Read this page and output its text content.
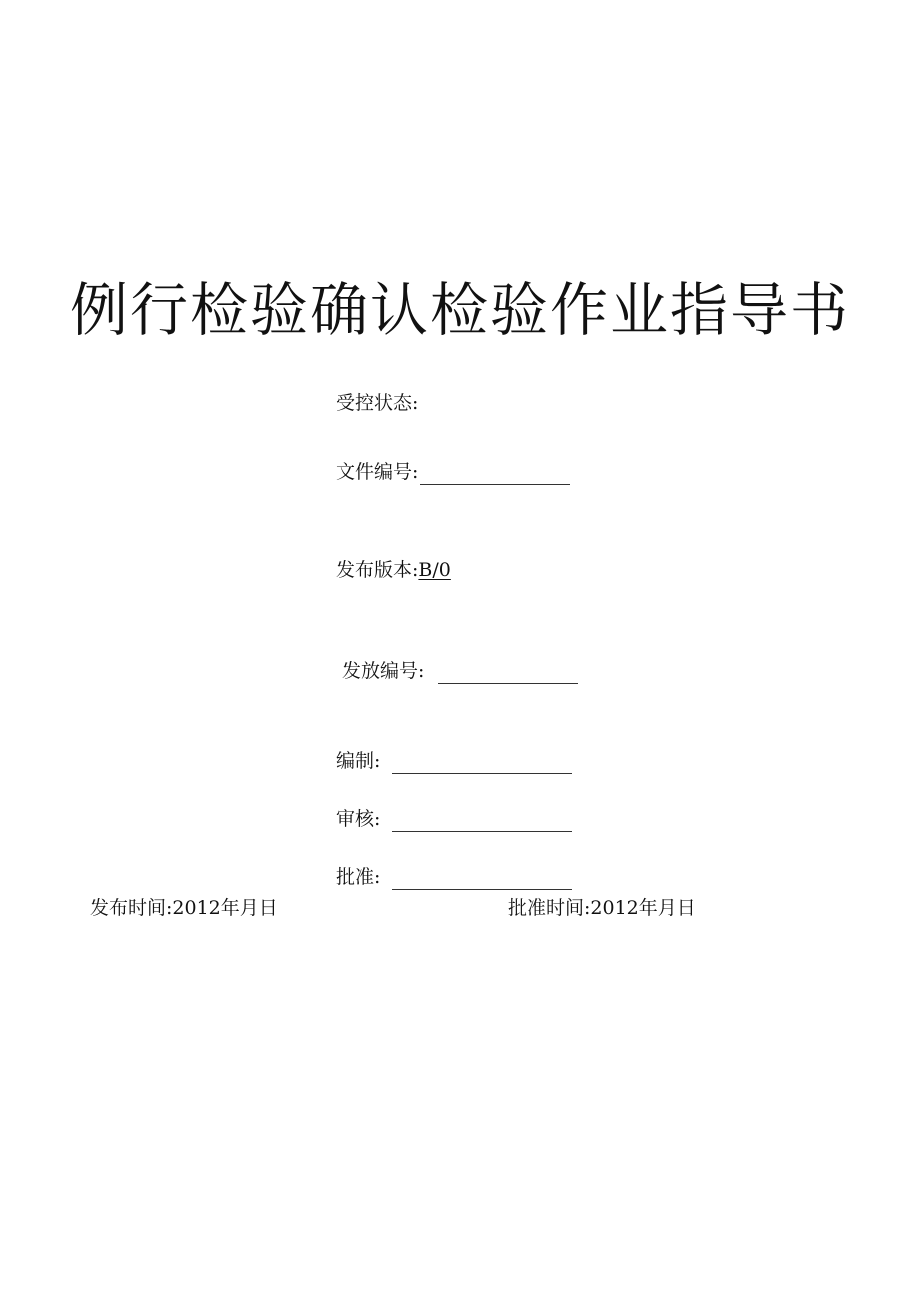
例行检验确认检验作业指导书
受控状态:
文件编号:
发布版本: B/0
发放编号:
编制:
审核:
批准:
发布时间:2012年月日	批准时间:2012年月日
